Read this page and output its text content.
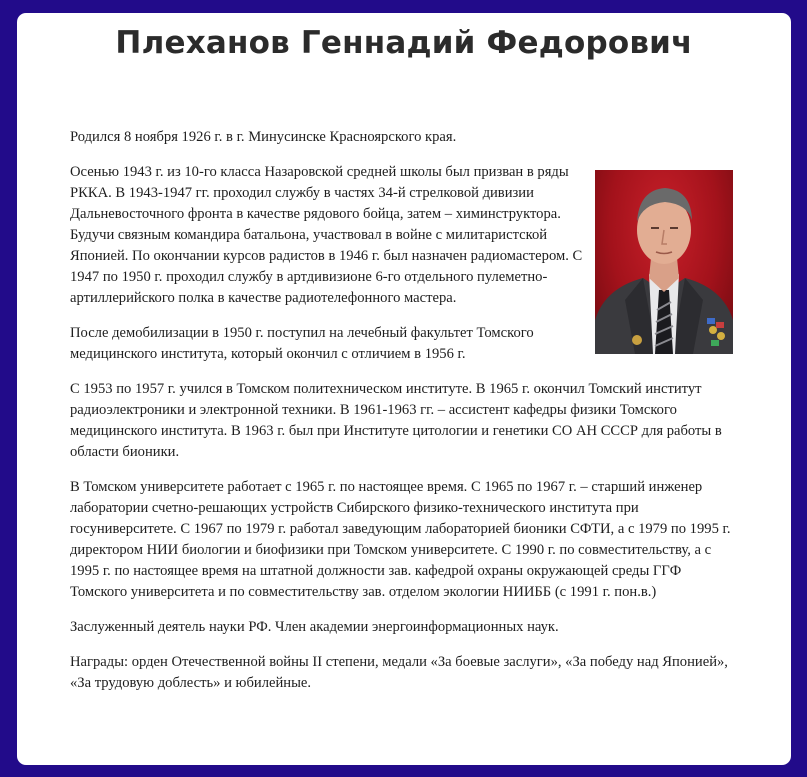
Плеханов Геннадий Федорович

Родился 8 ноября 1926 г. в г. Минусинске Красноярского края.

Осенью 1943 г. из 10-го класса Назаровской средней школы был призван в ряды РККА. В 1943-1947 гг. проходил службу в частях 34-й стрелковой дивизии Дальневосточного фронта в качестве рядового бойца, затем – химинструктора. Будучи связным командира батальона, участвовал в войне с милитаристской Японией. По окончании курсов радистов в 1946 г. был назначен радиомастером. С 1947 по 1950 г. проходил службу в артдивизионе 6-го отдельного пулеметно-артиллерийского полка в качестве радиотелефонного мастера.

После демобилизации в 1950 г. поступил на лечебный факультет Томского медицинского института, который окончил с отличием в 1956 г.

С 1953 по 1957 г. учился в Томском политехническом институте. В 1965 г. окончил Томский институт радиоэлектроники и электронной техники. В 1961-1963 гг. – ассистент кафедры физики Томского медицинского института. В 1963 г. был при Институте цитологии и генетики СО АН СССР для работы в области бионики.

В Томском университете работает с 1965 г. по настоящее время. С 1965 по 1967 г. – старший инженер лаборатории счетно-решающих устройств Сибирского физико-технического института при госуниверситете. С 1967 по 1979 г. работал заведующим лабораторией бионики СФТИ, а с 1979 по 1995 г. директором НИИ биологии и биофизики при Томском университете. С 1990 г. по совместительству, а с 1995 г. по настоящее время на штатной должности зав. кафедрой охраны окружающей среды ГГФ Томского университета и по совместительству зав. отделом экологии НИИББ (с 1991 г. пон.в.)

Заслуженный деятель науки РФ. Член академии энергоинформационных наук.

Награды: орден Отечественной войны II степени, медали «За боевые заслуги», «За победу над Японией», «За трудовую доблесть» и юбилейные.
